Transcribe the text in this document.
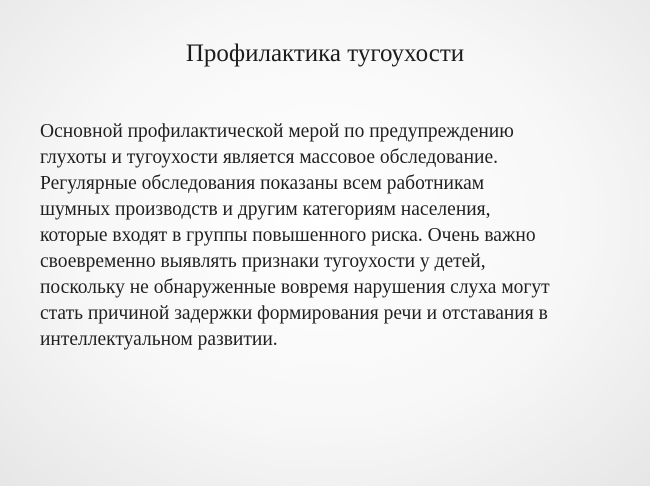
Профилактика тугоухости
Основной профилактической мерой по предупреждению
глухоты и тугоухости является массовое обследование.
Регулярные обследования показаны всем работникам
шумных производств и другим категориям населения,
которые входят в группы повышенного риска. Очень важно
своевременно выявлять признаки тугоухости у детей,
поскольку не обнаруженные вовремя нарушения слуха могут
стать причиной задержки формирования речи и отставания в
интеллектуальном развитии.
